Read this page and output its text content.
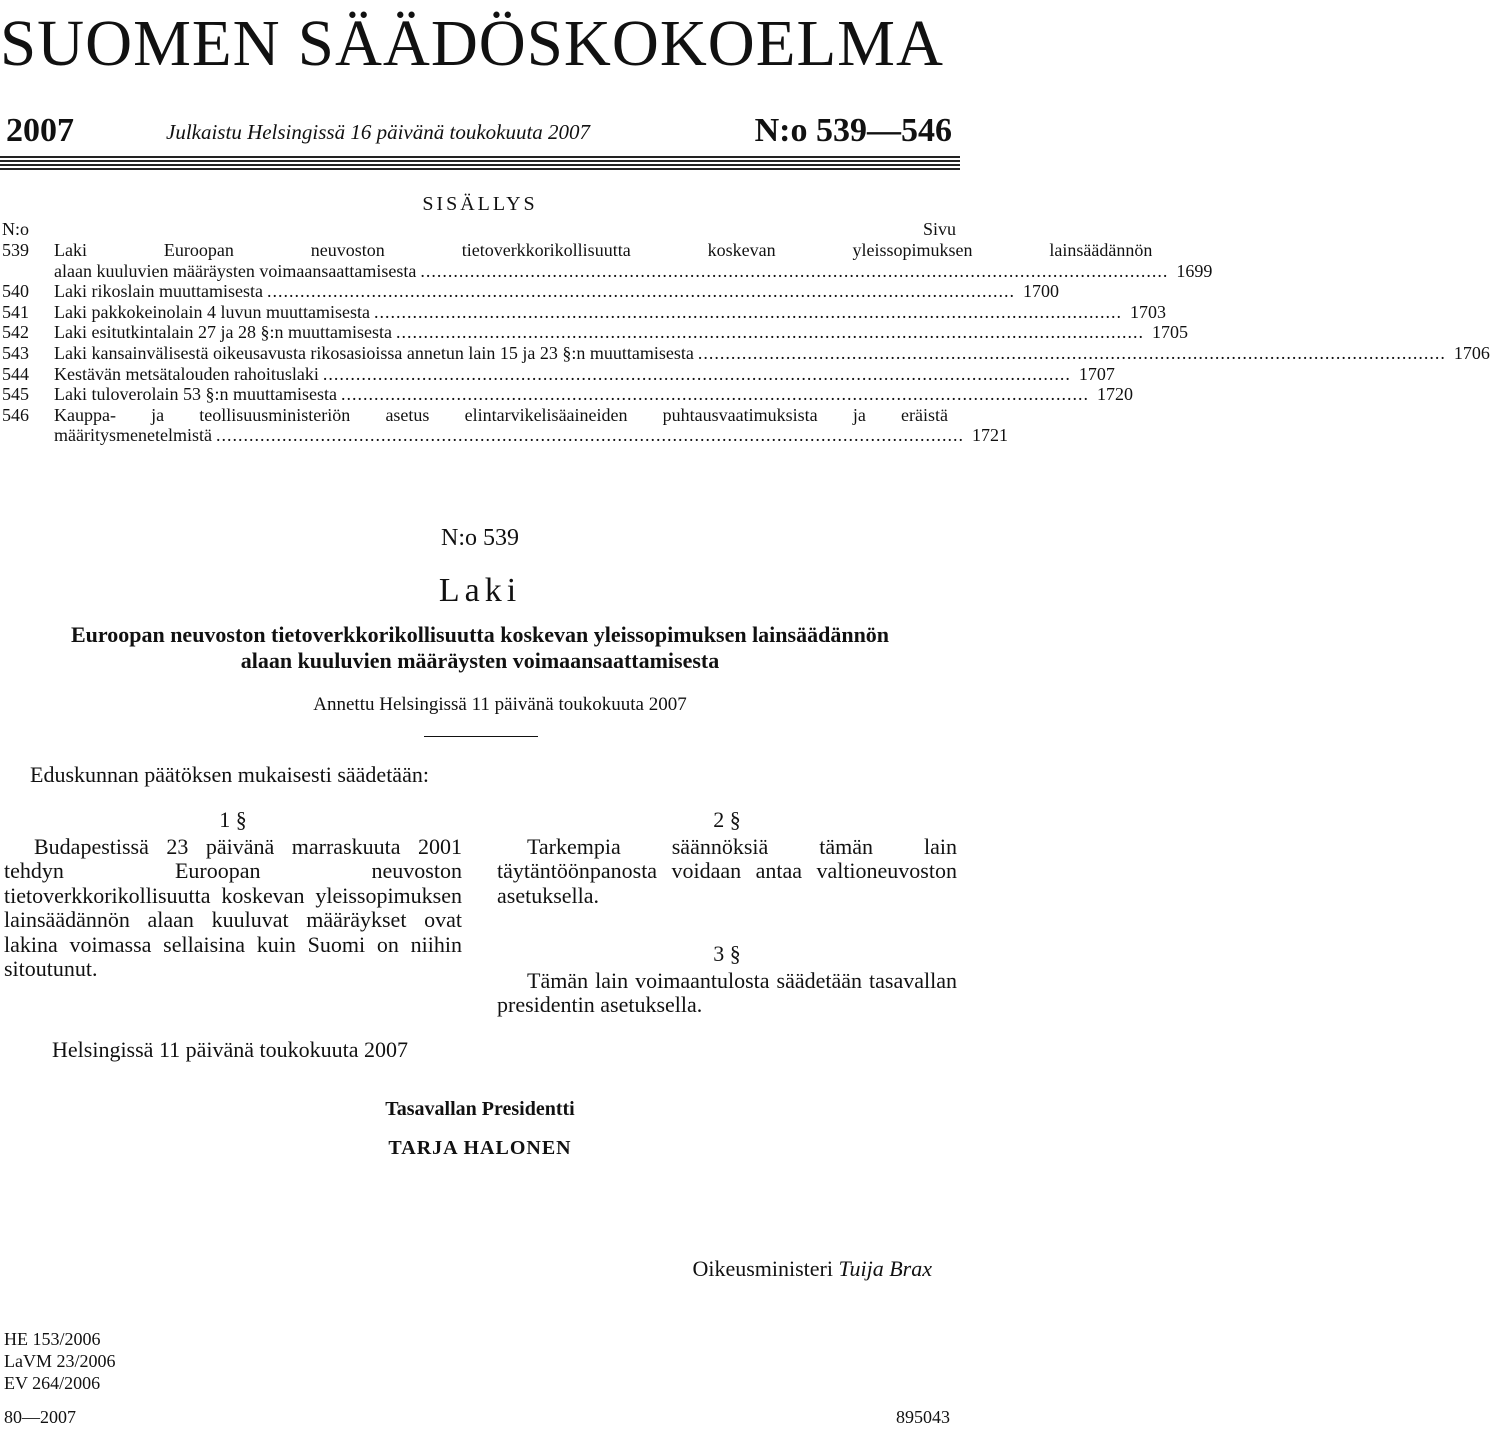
SUOMEN SÄÄDÖSKOKOELMA
2007	Julkaistu Helsingissä 16 päivänä toukokuuta 2007	N:o 539—546
SISÄLLYS
N:o	Sivu
539	Laki Euroopan neuvoston tietoverkkorikollisuutta koskevan yleissopimuksen lainsäädännön
alaan kuuluvien määräysten voimaansaattamisesta ........................................................................................................................................ 1699
540	Laki rikoslain muuttamisesta ........................................................................................................................................ 1700
541	Laki pakkokeinolain 4 luvun muuttamisesta ........................................................................................................................................ 1703
542	Laki esitutkintalain 27 ja 28 §:n muuttamisesta ........................................................................................................................................ 1705
543	Laki kansainvälisestä oikeusavusta rikosasioissa annetun lain 15 ja 23 §:n muuttamisesta ........................................................................................................................................ 1706
544	Kestävän metsätalouden rahoituslaki ........................................................................................................................................ 1707
545	Laki tuloverolain 53 §:n muuttamisesta ........................................................................................................................................ 1720
546	Kauppa- ja teollisuusministeriön asetus elintarvikelisäaineiden puhtausvaatimuksista ja eräistä
määritysmenetelmistä ........................................................................................................................................ 1721
N:o 539
Laki
Euroopan neuvoston tietoverkkorikollisuutta koskevan yleissopimuksen lainsäädännön
alaan kuuluvien määräysten voimaansaattamisesta
Annettu Helsingissä 11 päivänä toukokuuta 2007
Eduskunnan päätöksen mukaisesti säädetään:
1 §
Budapestissä 23 päivänä marraskuuta 2001 tehdyn Euroopan neuvoston tietoverkkorikollisuutta koskevan yleissopimuksen lainsäädännön alaan kuuluvat määräykset ovat lakina voimassa sellaisina kuin Suomi on niihin sitoutunut.
2 §
Tarkempia säännöksiä tämän lain täytäntöönpanosta voidaan antaa valtioneuvoston asetuksella.
3 §
Tämän lain voimaantulosta säädetään tasavallan presidentin asetuksella.
Helsingissä 11 päivänä toukokuuta 2007
Tasavallan Presidentti
TARJA HALONEN
Oikeusministeri Tuija Brax
HE 153/2006
LaVM 23/2006
EV 264/2006
80—2007	895043
